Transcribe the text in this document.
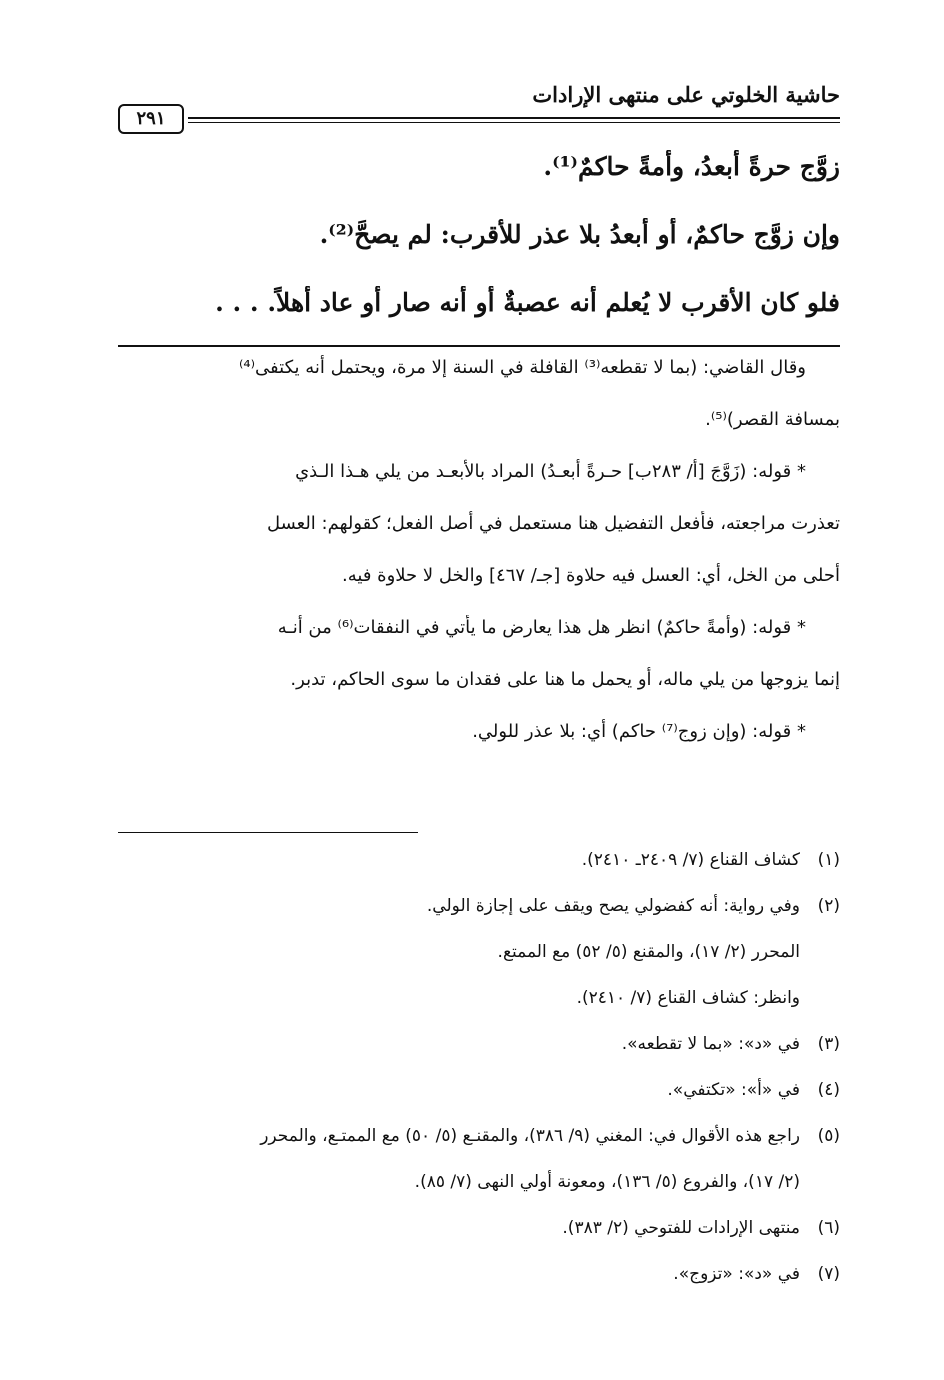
حاشية الخلوتي على منتهى الإرادات
٢٩١
زوَّج حرةً أبعدُ، وأمةً حاكمٌ⁽¹⁾.
وإن زوَّج حاكمٌ، أو أبعدُ بلا عذر للأقرب: لم يصحَّ⁽²⁾.
فلو كان الأقرب لا يُعلم أنه عصبةٌ أو أنه صار أو عاد أهلاً. . . .
وقال القاضي: (بما لا تقطعه⁽³⁾ القافلة في السنة إلا مرة، ويحتمل أنه يكتفى⁽⁴⁾
بمسافة القصر)⁽⁵⁾.
* قوله: (زَوَّجَ [أ/ ٢٨٣ب] حـرةً أبعـدُ) المراد بالأبعـد من يلي هـذا الـذي
تعذرت مراجعته، فأفعل التفضيل هنا مستعمل في أصل الفعل؛ كقولهم: العسل
أحلى من الخل، أي: العسل فيه حلاوة [جـ/ ٤٦٧] والخل لا حلاوة فيه.
* قوله: (وأمةً حاكمٌ) انظر هل هذا يعارض ما يأتي في النفقات⁽⁶⁾ من أنـه
إنما يزوجها من يلي ماله، أو يحمل ما هنا على فقدان ما سوى الحاكم، تدبر.
* قوله: (وإن زوج⁽⁷⁾ حاكم) أي: بلا عذر للولي.
(١)كشاف القناع (٧/ ٢٤٠٩ـ ٢٤١٠).
(٢)وفي رواية: أنه كفضولي يصح ويقف على إجازة الولي.
المحرر (٢/ ١٧)، والمقنع (٥/ ٥٢) مع الممتع.
وانظر: كشاف القناع (٧/ ٢٤١٠).
(٣)في «د»: «بما لا تقطعه».
(٤)في «أ»: «تكتفي».
(٥)راجع هذه الأقوال في: المغني (٩/ ٣٨٦)، والمقنـع (٥/ ٥٠) مع الممتـع، والمحرر
(٢/ ١٧)، والفروع (٥/ ١٣٦)، ومعونة أولي النهى (٧/ ٨٥).
(٦)منتهى الإرادات للفتوحي (٢/ ٣٨٣).
(٧)في «د»: «تزوج».
